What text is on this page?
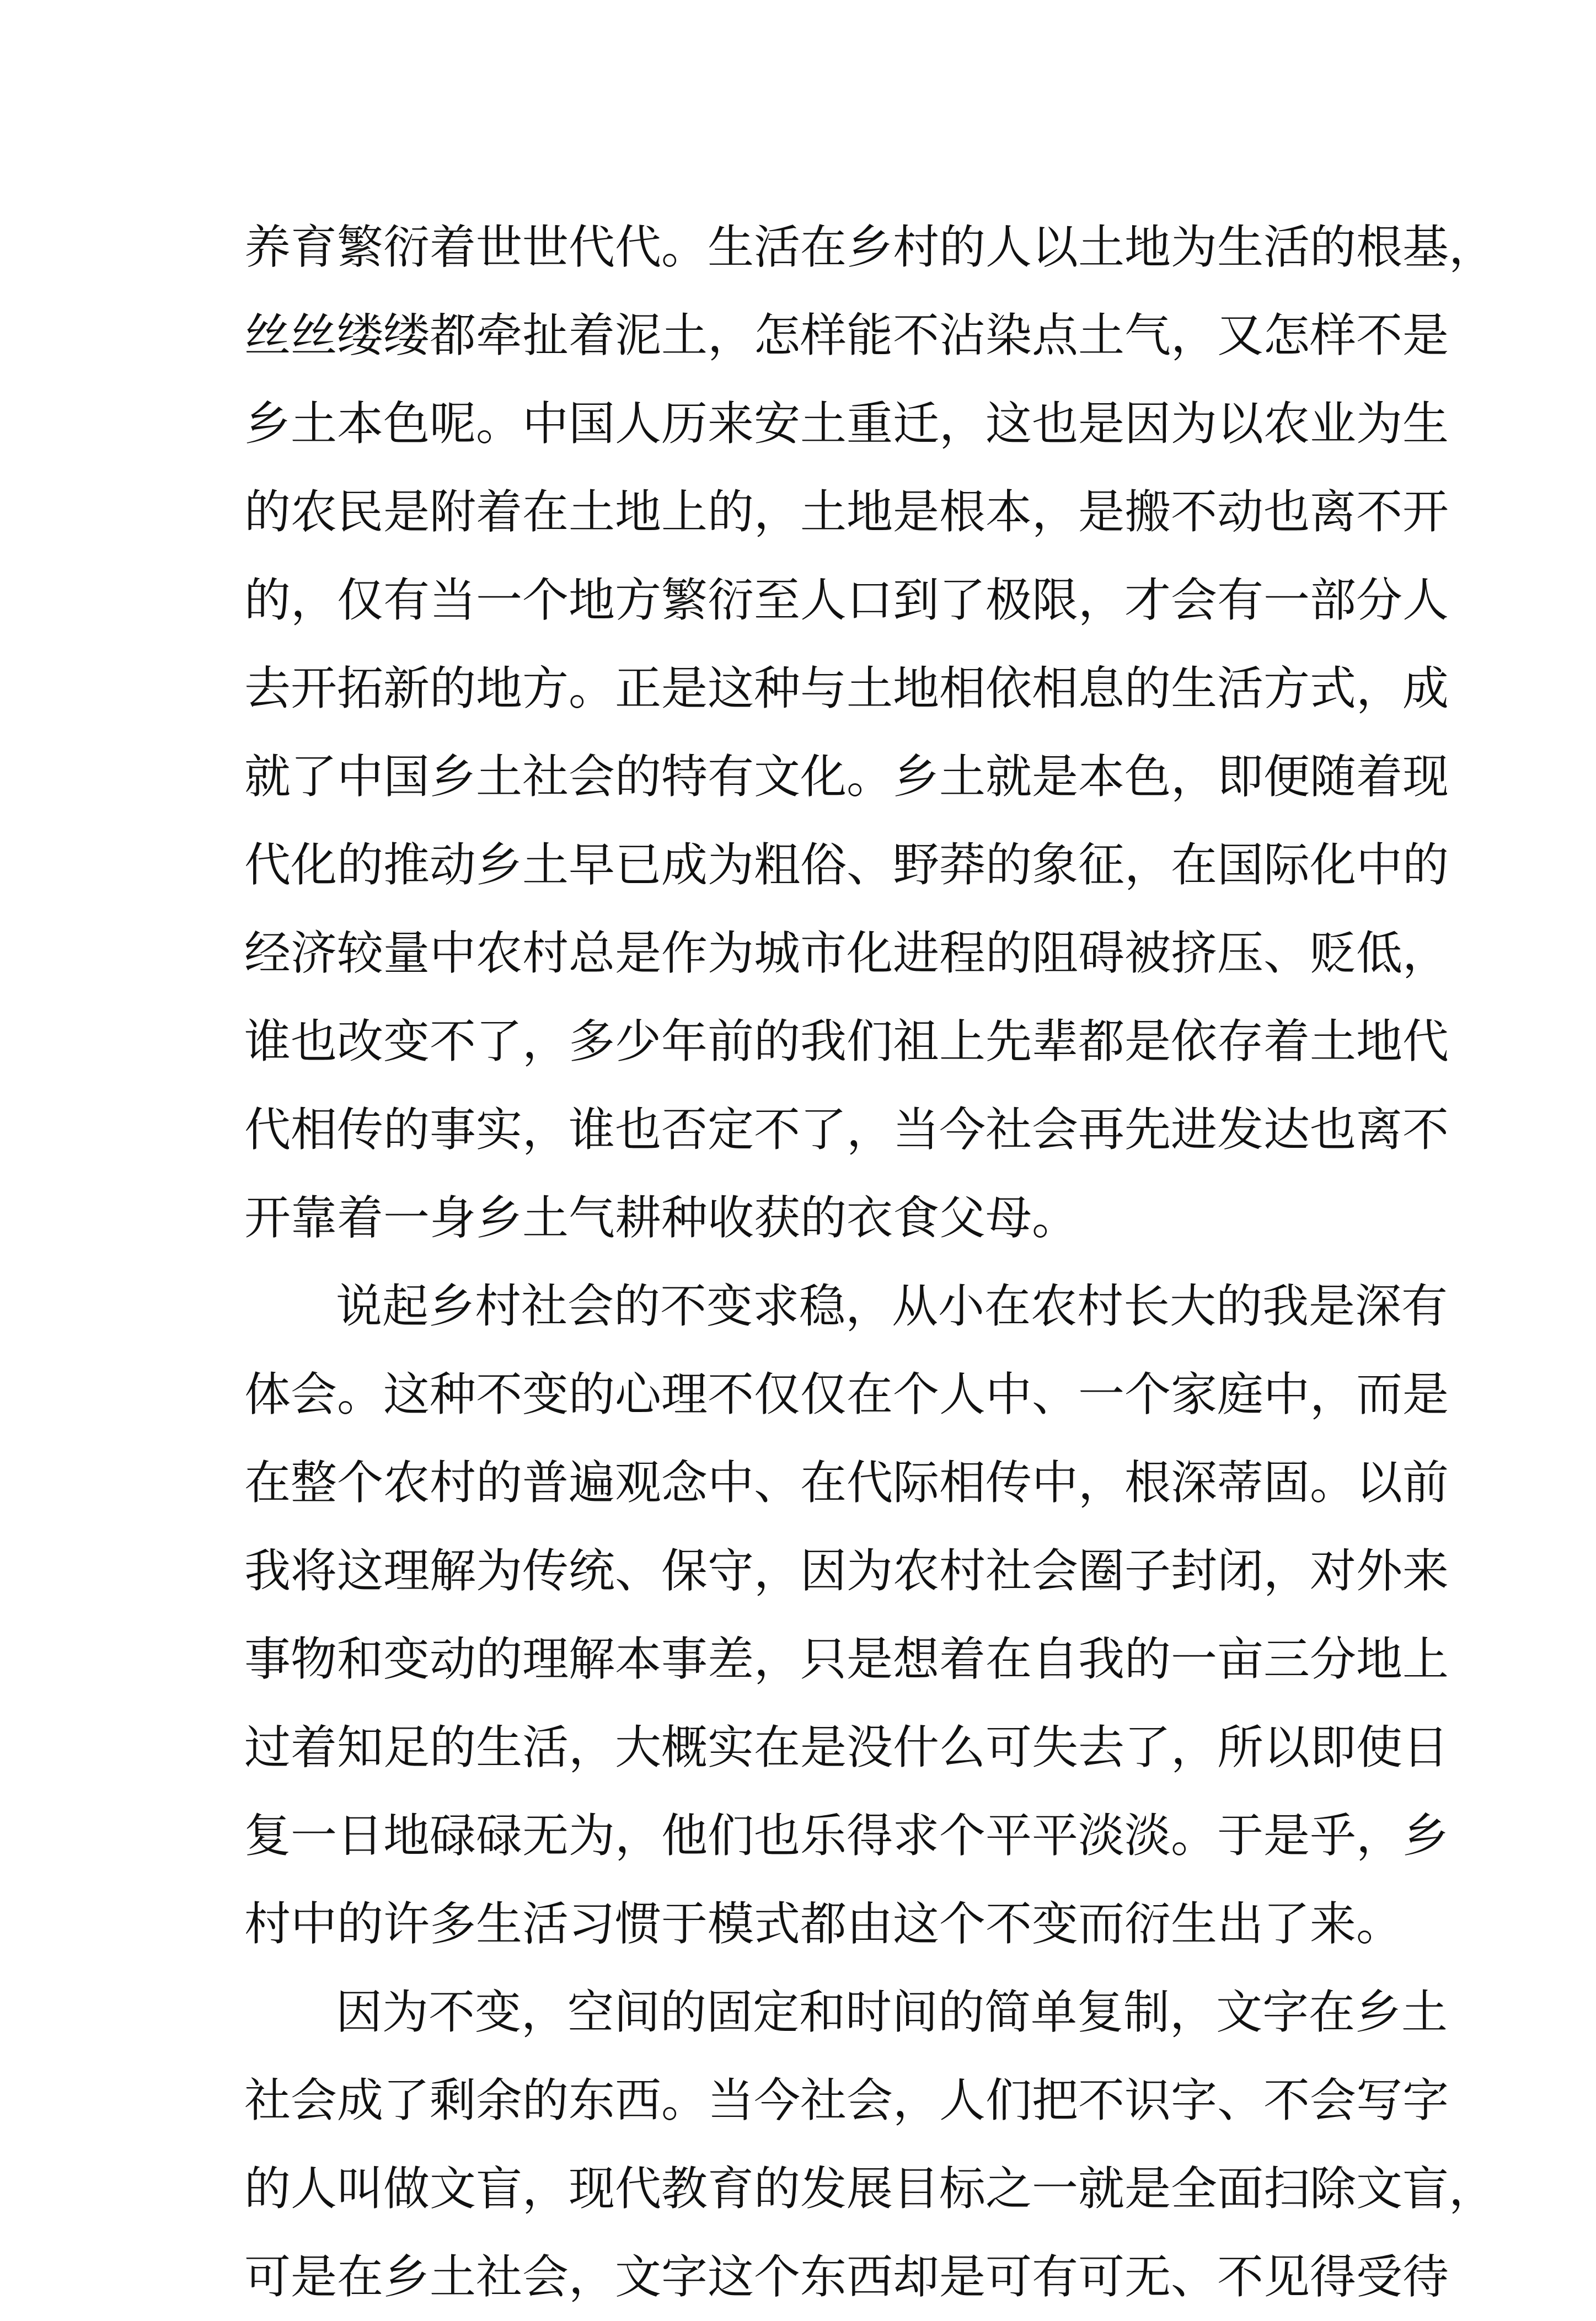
养育繁衍着世世代代。生活在乡村的人以土地为生活的根基，
丝丝缕缕都牵扯着泥土，怎样能不沾染点土气，又怎样不是
乡土本色呢。中国人历来安土重迁，这也是因为以农业为生
的农民是附着在土地上的，土地是根本，是搬不动也离不开
的，仅有当一个地方繁衍至人口到了极限，才会有一部分人
去开拓新的地方。正是这种与土地相依相息的生活方式，成
就了中国乡土社会的特有文化。乡土就是本色，即便随着现
代化的推动乡土早已成为粗俗、野莽的象征，在国际化中的
经济较量中农村总是作为城市化进程的阻碍被挤压、贬低，
谁也改变不了，多少年前的我们祖上先辈都是依存着土地代
代相传的事实，谁也否定不了，当今社会再先进发达也离不
开靠着一身乡土气耕种收获的衣食父母。
说起乡村社会的不变求稳，从小在农村长大的我是深有
体会。这种不变的心理不仅仅在个人中、一个家庭中，而是
在整个农村的普遍观念中、在代际相传中，根深蒂固。以前
我将这理解为传统、保守，因为农村社会圈子封闭，对外来
事物和变动的理解本事差，只是想着在自我的一亩三分地上
过着知足的生活，大概实在是没什么可失去了，所以即使日
复一日地碌碌无为，他们也乐得求个平平淡淡。于是乎，乡
村中的许多生活习惯于模式都由这个不变而衍生出了来。
因为不变，空间的固定和时间的简单复制，文字在乡土
社会成了剩余的东西。当今社会，人们把不识字、不会写字
的人叫做文盲，现代教育的发展目标之一就是全面扫除文盲，
可是在乡土社会，文字这个东西却是可有可无、不见得受待
